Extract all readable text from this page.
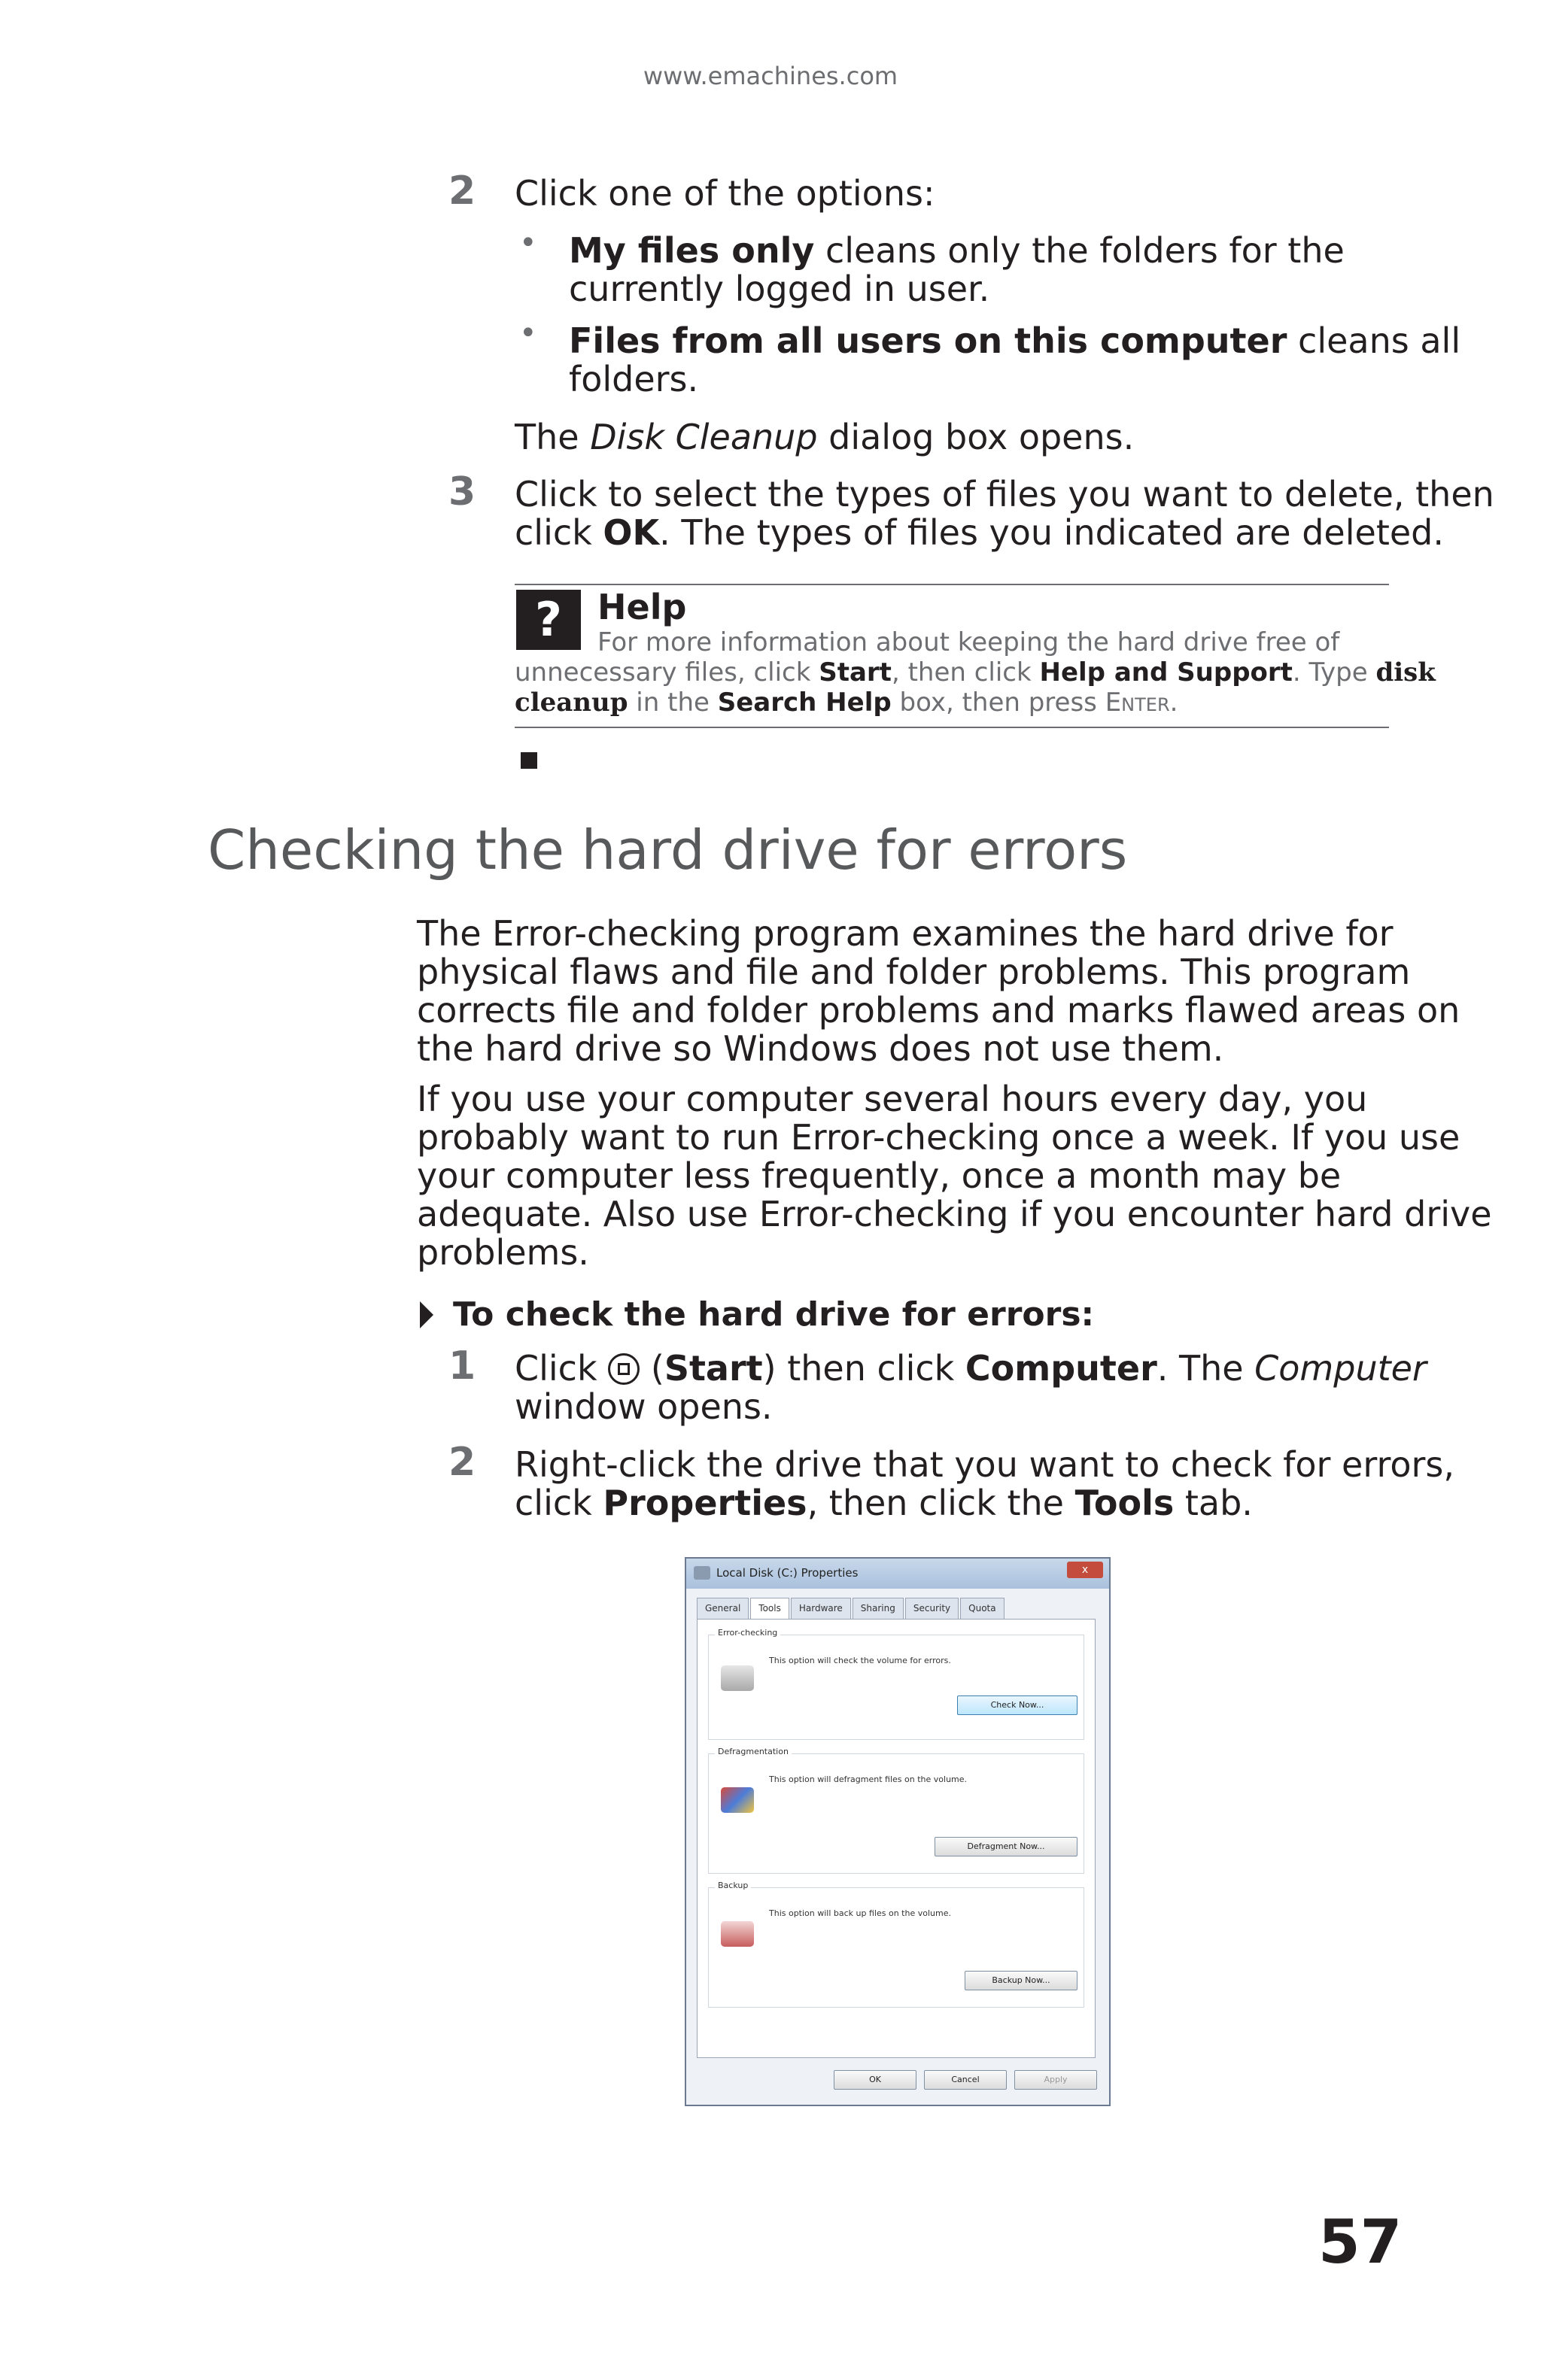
www.emachines.com
2 Click one of the options:
• My files only cleans only the folders for the
currently logged in user.
• Files from all users on this computer cleans all
folders.
The Disk Cleanup dialog box opens.
3 Click to select the types of files you want to delete, then
click OK. The types of files you indicated are deleted.
?	Help
For more information about keeping the hard drive free of
unnecessary files, click Start, then click Help and Support. Type disk
cleanup in the Search Help box, then press Enter.
Checking the hard drive for errors
The Error-checking program examines the hard drive for
physical flaws and file and folder problems. This program
corrects file and folder problems and marks flawed areas on
the hard drive so Windows does not use them.
If you use your computer several hours every day, you
probably want to run Error-checking once a week. If you use
your computer less frequently, once a month may be
adequate. Also use Error-checking if you encounter hard drive
problems.
To check the hard drive for errors:
1 Click  (Start) then click Computer. The Computer
window opens.
2 Right-click the drive that you want to check for errors,
click Properties, then click the Tools tab.
Local Disk (C:) Properties	x
General	Tools	Hardware	Sharing	Security	Quota
Error-checking
This option will check the volume for errors.
Check Now...
Defragmentation
This option will defragment files on the volume.
Defragment Now...
Backup
This option will back up files on the volume.
Backup Now...
OK	Cancel	Apply
57
